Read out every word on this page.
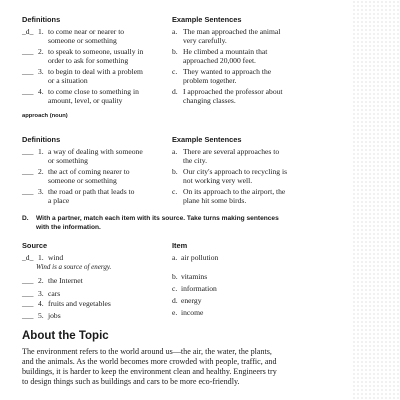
Definitions	Example Sentences
_d_ 1. to come near or nearer to
someone or something
___ 2. to speak to someone, usually in
order to ask for something
___ 3. to begin to deal with a problem
or a situation
___ 4. to come close to something in
amount, level, or quality
a. The man approached the animal
very carefully.
b. He climbed a mountain that
approached 20,000 feet.
c. They wanted to approach the
problem together.
d. I approached the professor about
changing classes.
approach (noun)
Definitions	Example Sentences
___ 1. a way of dealing with someone
or something
___ 2. the act of coming nearer to
someone or something
___ 3. the road or path that leads to
a place
a. There are several approaches to
the city.
b. Our city's approach to recycling is
not working very well.
c. On its approach to the airport, the
plane hit some birds.
D. With a partner, match each item with its source. Take turns making sentences
with the information.
Source	Item
_d_ 1. wind
Wind is a source of energy.
___ 2. the Internet
___ 3. cars
___ 4. fruits and vegetables
___ 5. jobs
a. air pollution
b. vitamins
c. information
d. energy
e. income
About the Topic
The environment refers to the world around us—the air, the water, the plants,
and the animals. As the world becomes more crowded with people, traffic, and
buildings, it is harder to keep the environment clean and healthy. Engineers try
to design things such as buildings and cars to be more eco-friendly.
